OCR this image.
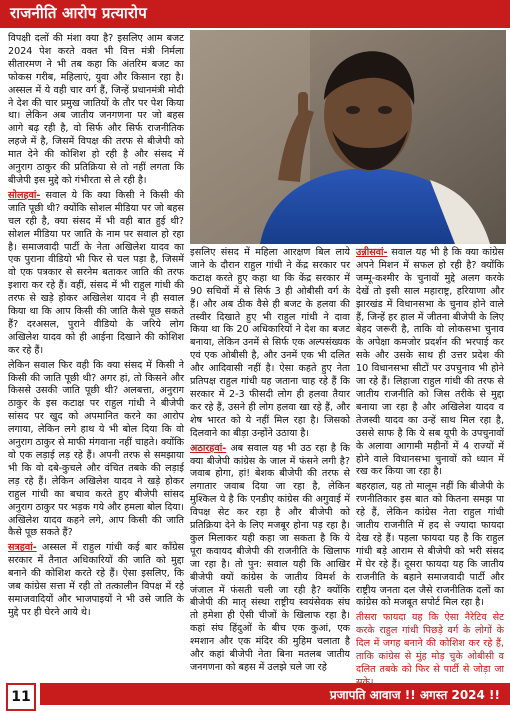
राजनीति आरोप प्रत्यारोप

विपक्षी दलों की मंशा क्या है? इसलिए आम बजट 2024 पेश करते वक्त भी वित्त मंत्री निर्मला सीतारमण ने भी तब कहा कि अंतरिम बजट का फोकस गरीब, महिलाएं, युवा और किसान रहा है। अस्सल में ये वही चार वर्ग हैं, जिन्हें प्रधानमंत्री मोदी ने देश की चार प्रमुख जातियों के तौर पर पेश किया था। लेकिन अब जातीय जनगणना पर जो बहस आगे बढ़ रही है, वो सिर्फ और सिर्फ राजनीतिक लहजे में है, जिसमें विपक्ष की तरफ से बीजेपी को मात देने की कोशिश हो रही है और संसद में अनुराग ठाकुर की प्रतिक्रिया से तो नहीं लगता कि बीजेपी इस मुद्दे को गंभीरता से ले रही है।

सोलहवां- सवाल ये कि क्या किसी ने किसी की जाति पूछी थी? क्योंकि सोशल मीडिया पर जो बहस चल रही है, क्या संसद में भी वही बात हुई थी? सोशल मीडिया पर जाति के नाम पर सवाल हो रहा है। समाजवादी पार्टी के नेता अखिलेश यादव का एक पुराना वीडियो भी फिर से चल पड़ा है, जिसमें वो एक पत्रकार से सरनेम बताकर जाति की तरफ इशारा कर रहे हैं। वहीं, संसद में भी राहुल गांधी की तरफ से खड़े होकर अखिलेश यादव ने ही सवाल किया था कि आप किसी की जाति कैसे पूछ सकते हैं? दरअसल, पुराने वीडियो के जरिये लोग अखिलेश यादव को ही आईना दिखाने की कोशिश कर रहे हैं।

लेकिन सवाल फिर वही कि क्या संसद में किसी ने किसी की जाति पूछी थी? अगर हां, तो किसने और किससे उसकी जाति पूछी थी? अलबत्ता, अनुराग ठाकुर के इस कटाक्ष पर राहुल गांधी ने बीजेपी सांसद पर खुद को अपमानित करने का आरोप लगाया, लेकिन लगे हाथ ये भी बोल दिया कि वो अनुराग ठाकुर से माफी मंगवाना नहीं चाहते। क्योंकि वो एक लड़ाई लड़ रहे हैं। अपनी तरफ से समझाया भी कि वो दबे-कुचले और वंचित तबके की लड़ाई लड़ रहे हैं। लेकिन अखिलेश यादव ने खड़े होकर राहुल गांधी का बचाव करते हुए बीजेपी सांसद अनुराग ठाकुर पर भड़क गये और हमला बोल दिया। अखिलेश यादव कहने लगे, आप किसी की जाति कैसे पूछ सकते हैं?

सत्रहवां- अस्सल में राहुल गांधी कई बार कॉंग्रेस सरकार में तैनात अधिकारियों की जाति को मुद्दा बनाने की कोशिश करते रहे हैं। ऐसा इसलिए, कि जब कांग्रेस सत्ता में रही तो तत्कालीन विपक्ष में रहे समाजवादियों और भाजपाइयों ने भी उसे जाति के मुद्दे पर ही घेरने आये थे।

इसलिए संसद में महिला आरक्षण बिल लाये जाने के दौरान राहुल गांधी ने केंद्र सरकार पर कटाक्ष करते हुए कहा था कि केंद्र सरकार में 90 सचिवों में से सिर्फ 3 ही ओबीसी वर्ग के हैं। और अब ठीक वैसे ही बजट के हलवा की तस्वीर दिखाते हुए भी राहुल गांधी ने दावा किया था कि 20 अधिकारियों ने देश का बजट बनाया, लेकिन उनमें से सिर्फ एक अल्पसंख्यक एवं एक ओबीसी है, और उनमें एक भी दलित और आदिवासी नहीं है। ऐसा कहते हुए नेता प्रतिपक्ष राहुल गांधी यह जताना चाह रहे हैं कि सरकार में 2-3 फीसदी लोग ही हलवा तैयार कर रहे हैं, उसने ही लोग हलवा खा रहे हैं, और शेष भारत को ये नहीं मिल रहा है। जिसको दिलवाने का बीड़ा उन्होंने उठाया है।

अठारहवां- अब सवाल यह भी उठ रहा है कि क्या बीजेपी कांग्रेस के जाल में फंसने लगी है? जवाब होगा, हां! बेशक बीजेपी की तरफ से लगातार जवाब दिया जा रहा है, लेकिन मुश्किल ये है कि एनडीए कांग्रेस की अगुवाई में विपक्ष सेट कर रहा है और बीजेपी को प्रतिक्रिया देने के लिए मजबूर होना पड़ रहा है। कुल मिलाकर यही कहा जा सकता है कि ये पूरा कवायद बीजेपी की राजनीति के खिलाफ जा रहा है। तो पुन: सवाल यही कि आखिर बीजेपी क्यों कांग्रेस के जातीय विमर्श के जंजाल में फंसती चली जा रही है? क्योंकि बीजेपी की मातृ संस्था राष्ट्रीय स्वयंसेवक संघ तो हमेशा ही ऐसी चीजों के खिलाफ रहा है। कहां संघ हिंदुओं के बीच एक कुआं, एक श्मशान और एक मंदिर की मुहिम चलाता है और कहां बीजेपी नेता बिना मतलब जातीय जनगणना को बहस में उलझे चले जा रहे

उन्नीसवां- सवाल यह भी है कि क्या कांग्रेस अपने मिशन में सफल हो रही है? क्योंकि जम्मू-कश्मीर के चुनावों मुद्दे अलग करके देखें तो इसी साल महाराष्ट्र, हरियाणा और झारखंड में विधानसभा के चुनाव होने वाले हैं, जिन्हें हर हाल में जीतना बीजेपी के लिए बेहद जरूरी है, ताकि वो लोकसभा चुनाव के अपेक्षा कमजोर प्रदर्शन की भरपाई कर सके और उसके साथ ही उत्तर प्रदेश की 10 विधानसभा सीटों पर उपचुनाव भी होने जा रहे हैं। लिहाजा राहुल गांधी की तरफ से जातीय राजनीति को जिस तरीके से मुद्दा बनाया जा रहा है और अखिलेश यादव व तेजस्वी यादव का उन्हें साथ मिल रहा है, उससे साफ है कि ये सब यूपी के उपचुनावों के अलावा आगामी महीनों में 4 राज्यों में होने वाले विधानसभा चुनावों को ध्यान में रख कर किया जा रहा है।

बहरहाल, यह तो मालूम नहीं कि बीजेपी के रणनीतिकार इस बात को कितना समझ पा रहे हैं, लेकिन कांग्रेस नेता राहुल गांधी जातीय राजनीति में हद से ज्यादा फायदा देख रहे हैं। पहला फायदा यह है कि राहुल गांधी बड़े आराम से बीजेपी को भरी संसद में घेर रहे हैं। दूसरा फायदा यह कि जातीय राजनीति के बहाने समाजवादी पार्टी और राष्ट्रीय जनता दल जैसे राजनीतिक दलों का कांग्रेस को मजबूत सपोर्ट मिल रहा है।

तीसरा फायदा यह कि ऐसा नैरेटिव सेट करके राहुल गांधी पिछड़े वर्ग के लोगों के दिल में जगह बनाने की कोशिश कर रहे हैं, ताकि कांग्रेस से मुंह मोड़ चुके ओबीसी व दलित तबके को फिर से पार्टी से जोड़ा जा

11	प्रजापति आवाज !! अगस्त 2024 !!
